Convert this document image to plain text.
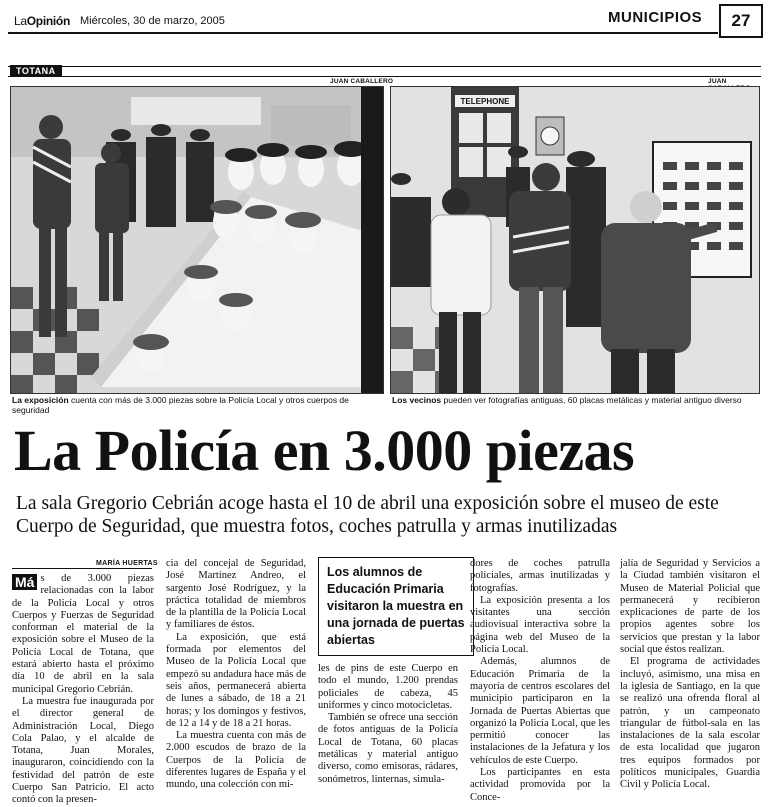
LaOpinión Miércoles, 30 de marzo, 2005	MUNICIPIOS	27
TOTANA
JUAN CABALLERO	JUAN
La exposición cuenta con más de 3.000 piezas sobre la Policía Local y otros cuerpos de seguridad
TELEPHONE
Los vecinos pueden ver fotografías antiguas, 60 placas metálicas y material antiguo diverso
La Policía en 3.000 piezas
La sala Gregorio Cebrián acoge hasta el 10 de abril una exposición sobre el museo de este Cuerpo de Seguridad, que muestra fotos, coches patrulla y armas inutilizadas
MARÍA HUERTAS

Má s de 3.000 piezas relacionadas con la labor de la Policía Local y otros Cuerpos y Fuerzas de Seguridad conforman el material de la exposición sobre el Museo de la Policía Local de Totana, que estará abierto hasta el próximo día 10 de abril en la sala municipal Gregorio Cebrián.

La muestra fue inaugurada por el director general de Administración Local, Diego Cola Palao, y el alcalde de Totana, Juan Morales, inauguraron, coincidiendo con la festividad del patrón de este Cuerpo San Patricio. El acto contó con la presen-

cia del concejal de Seguridad, José Martínez Andreo, el sargento José Rodríguez, y la práctica totalidad de miembros de la plantilla de la Policía Local y familiares de éstos.

La exposición, que está formada por elementos del Museo de la Policía Local que empezó su andadura hace más de seis años, permanecerá abierta de lunes a sábado, de 18 a 21 horas; y los domingos y festivos, de 12 a 14 y de 18 a 21 horas.

La muestra cuenta con más de 2.000 escudos de brazo de la Cuerpos de la Policía de diferentes lugares de España y el mundo, una colección con mi-

Los alumnos de Educación Primaria visitaron la muestra en una jornada de puertas abiertas

les de pins de este Cuerpo en todo el mundo, 1.200 prendas policiales de cabeza, 45 uniformes y cinco motocicletas.

También se ofrece una sección de fotos antiguas de la Policía Local de Totana, 60 placas metálicas y material antiguo diverso, como emisoras, rádares, sonómetros, linternas, simula-

dores de coches patrulla policiales, armas inutilizadas y fotografías.

La exposición presenta a los visitantes una sección audiovisual interactiva sobre la página web del Museo de la Policía Local.

Además, alumnos de Educación Primaria de la mayoría de centros escolares del municipio participaron en la Jornada de Puertas Abiertas que organizó la Policía Local, que les permitió conocer las instalaciones de la Jefatura y los vehículos de este Cuerpo.

Los participantes en esta actividad promovida por la Conce-

jalía de Seguridad y Servicios a la Ciudad también visitaron el Museo de Material Policial que permanecerá y recibieron explicaciones de parte de los propios agentes sobre los servicios que prestan y la labor social que éstos realizan.

El programa de actividades incluyó, asimismo, una misa en la iglesia de Santiago, en la que se realizó una ofrenda floral al patrón, y un campeonato triangular de fútbol-sala en las instalaciones de la sala escolar de esta localidad que jugaron tres equipos formados por políticos municipales, Guardia Civil y Policía Local.
